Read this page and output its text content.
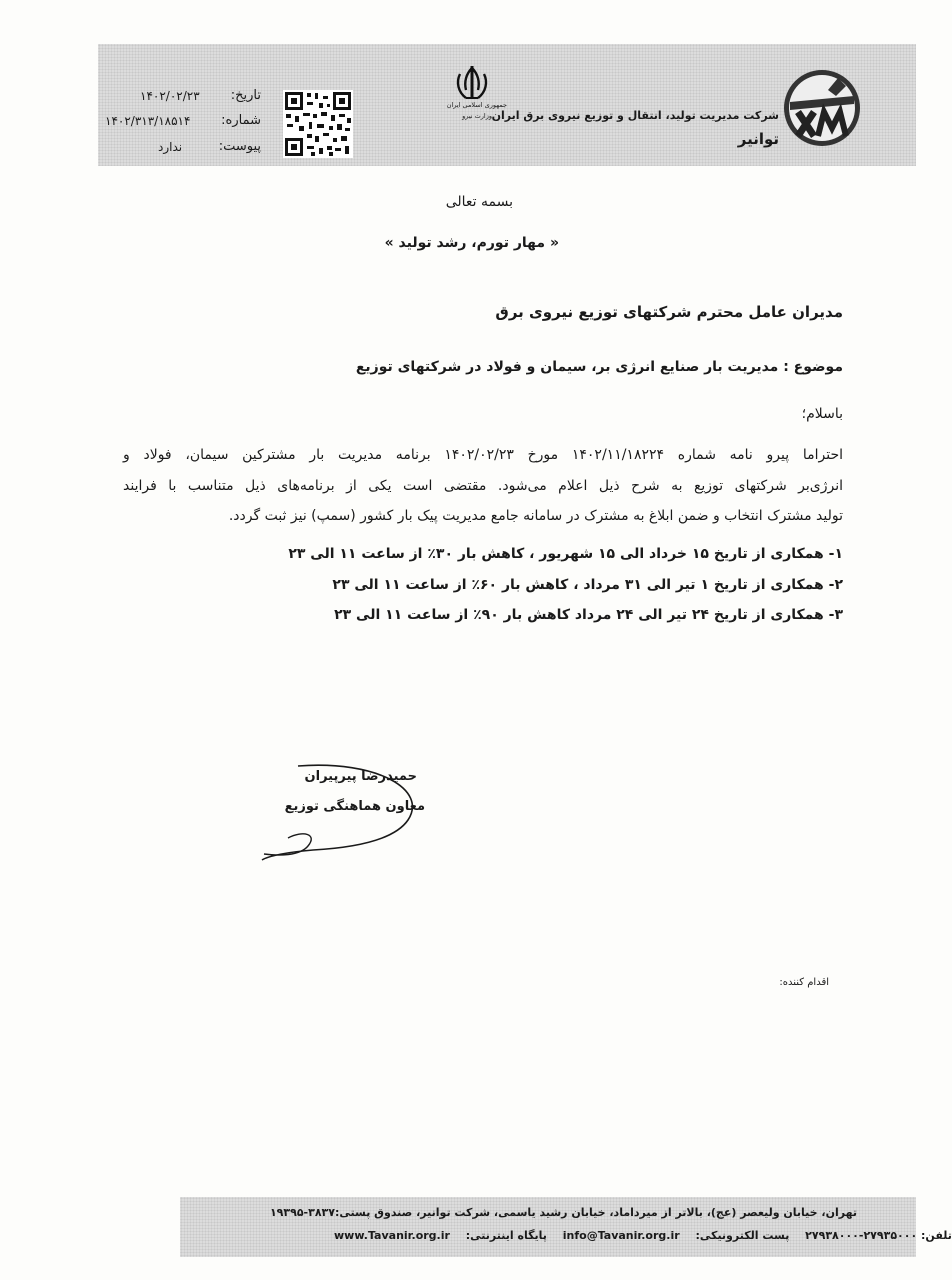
شرکت مدیریت تولید، انتقال و توزیع نیروی برق ایران
توانیر
جمهوری اسلامی ایران
وزارت نیرو
تاریخ:
۱۴۰۲/۰۲/۲۳
شماره:
۱۴۰۲/۳۱۳/۱۸۵۱۴
پیوست:
ندارد
بسمه تعالی
« مهار تورم، رشد تولید »
مدیران عامل محترم شرکتهای توزیع نیروی برق
موضوع : مدیریت بار صنایع انرژی بر، سیمان و فولاد در شرکتهای توزیع
باسلام؛
احتراما پیرو نامه شماره ۱۴۰۲/۱۱/۱۸۲۲۴ مورخ ۱۴۰۲/۰۲/۲۳ برنامه مدیریت بار مشترکین سیمان، فولاد و
انرژی‌بر شرکتهای توزیع به شرح ذیل اعلام می‌شود. مقتضی است یکی از برنامه‌های ذیل متناسب با فرایند
تولید مشترک انتخاب و ضمن ابلاغ به مشترک در سامانه جامع مدیریت پیک بار کشور (سمپ) نیز ثبت گردد.
۱- همکاری از تاریخ ۱۵ خرداد الی ۱۵ شهریور ، کاهش بار ۳۰٪ از ساعت ۱۱ الی ۲۳
۲- همکاری از تاریخ ۱ تیر الی ۳۱ مرداد ، کاهش بار ۶۰٪ از ساعت ۱۱ الی ۲۳
۳- همکاری از تاریخ ۲۴ تیر الی ۲۴ مرداد کاهش بار ۹۰٪ از ساعت ۱۱ الی ۲۳
حمیدرضا پیرپیران
معاون هماهنگی توزیع
اقدام کننده:
تهران، خیابان ولیعصر (عج)، بالاتر از میرداماد، خیابان رشید یاسمی، شرکت توانیر، صندوق پستی:۳۸۳۷-۱۹۳۹۵
www.Tavanir.org.ir پایگاه اینترنتی: info@Tavanir.org.ir پست الکترونیکی: تلفن: ۲۷۹۳۵۰۰۰-۲۷۹۳۸۰۰۰
